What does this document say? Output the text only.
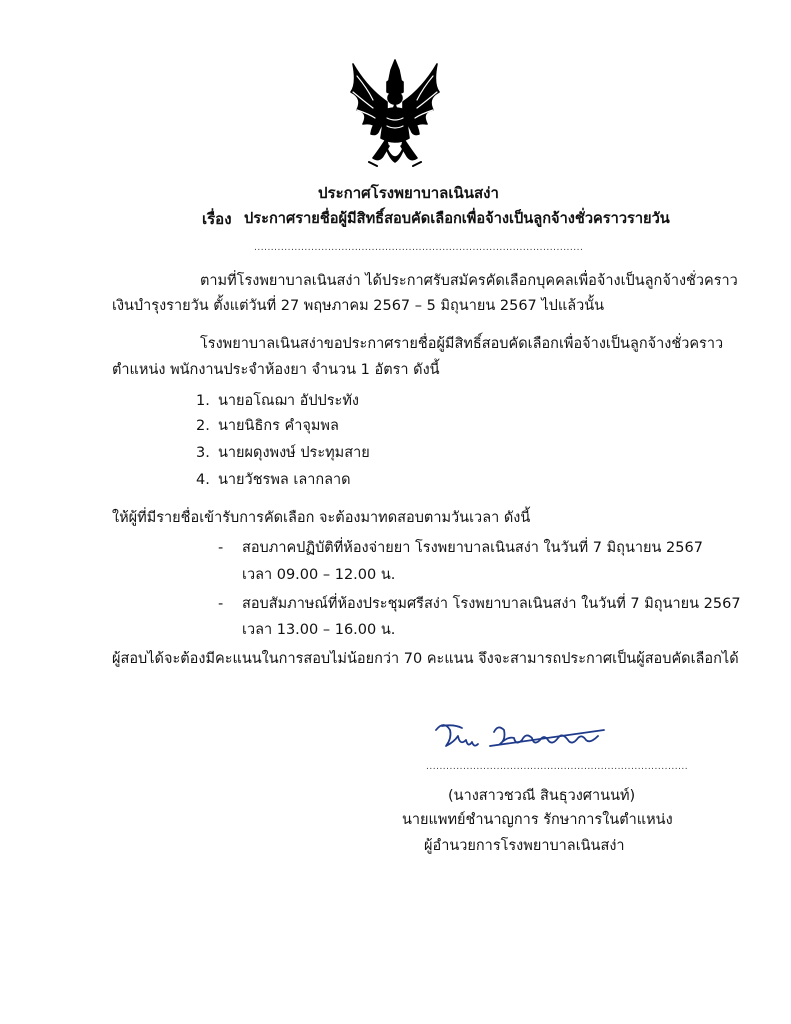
ประกาศโรงพยาบาลเนินสง่า
เรื่อง ประกาศรายชื่อผู้มีสิทธิ์สอบคัดเลือกเพื่อจ้างเป็นลูกจ้างชั่วคราวรายวัน
..................................................................................................
ตามที่โรงพยาบาลเนินสง่า ได้ประกาศรับสมัครคัดเลือกบุคคลเพื่อจ้างเป็นลูกจ้างชั่วคราว
เงินบำรุงรายวัน ตั้งแต่วันที่ 27 พฤษภาคม 2567 – 5 มิถุนายน 2567 ไปแล้วนั้น
โรงพยาบาลเนินสง่าขอประกาศรายชื่อผู้มีสิทธิ์สอบคัดเลือกเพื่อจ้างเป็นลูกจ้างชั่วคราว
ตำแหน่ง พนักงานประจำห้องยา จำนวน 1 อัตรา ดังนี้
1. นายอโณฌา อัปประทัง
2. นายนิธิกร คำจุมพล
3. นายผดุงพงษ์ ประทุมสาย
4. นายวัชรพล เลากลาด
ให้ผู้ที่มีรายชื่อเข้ารับการคัดเลือก จะต้องมาทดสอบตามวันเวลา ดังนี้
- สอบภาคปฏิบัติที่ห้องจ่ายยา โรงพยาบาลเนินสง่า ในวันที่ 7 มิถุนายน 2567
เวลา 09.00 – 12.00 น.
- สอบสัมภาษณ์ที่ห้องประชุมศรีสง่า โรงพยาบาลเนินสง่า ในวันที่ 7 มิถุนายน 2567
เวลา 13.00 – 16.00 น.
ผู้สอบได้จะต้องมีคะแนนในการสอบไม่น้อยกว่า 70 คะแนน จึงจะสามารถประกาศเป็นผู้สอบคัดเลือกได้
..............................................................................
(นางสาวชวณี สินธุวงศานนท์)
นายแพทย์ชำนาญการ รักษาการในตำแหน่ง
ผู้อำนวยการโรงพยาบาลเนินสง่า
